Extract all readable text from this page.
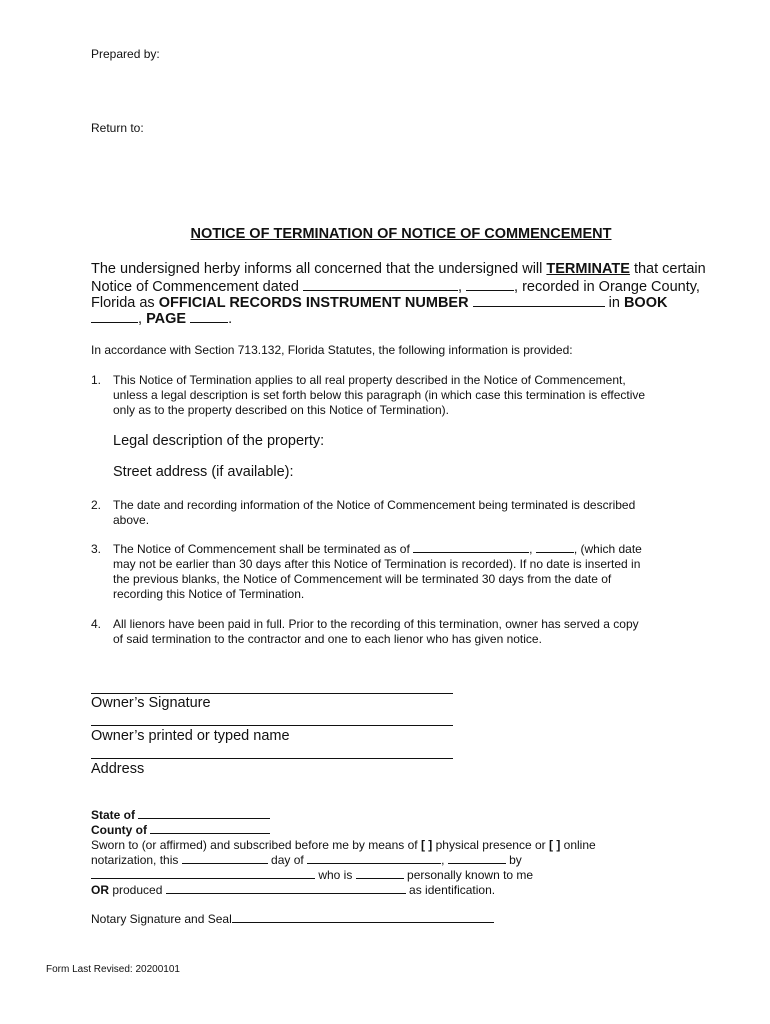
Prepared by:
Return to:
NOTICE OF TERMINATION OF NOTICE OF COMMENCEMENT
The undersigned herby informs all concerned that the undersigned will TERMINATE that certain
Notice of Commencement dated	,	, recorded in Orange County,
Florida as OFFICIAL RECORDS INSTRUMENT NUMBER	in BOOK
, PAGE	.
In accordance with Section 713.132, Florida Statutes, the following information is provided:
1. This Notice of Termination applies to all real property described in the Notice of Commencement,
unless a legal description is set forth below this paragraph (in which case this termination is effective
only as to the property described on this Notice of Termination).
Legal description of the property:
Street address (if available):
2. The date and recording information of the Notice of Commencement being terminated is described
above.
3. The Notice of Commencement shall be terminated as of	,	, (which date
may not be earlier than 30 days after this Notice of Termination is recorded). If no date is inserted in
the previous blanks, the Notice of Commencement will be terminated 30 days from the date of
recording this Notice of Termination.
4. All lienors have been paid in full. Prior to the recording of this termination, owner has served a copy
of said termination to the contractor and one to each lienor who has given notice.
Owner’s Signature
Owner’s printed or typed name
Address
State of
County of
Sworn to (or affirmed) and subscribed before me by means of [ ] physical presence or [ ] online
notarization, this	day of	,	by
who is	personally known to me
OR produced	as identification.
Notary Signature and Seal
Form Last Revised: 20200101
